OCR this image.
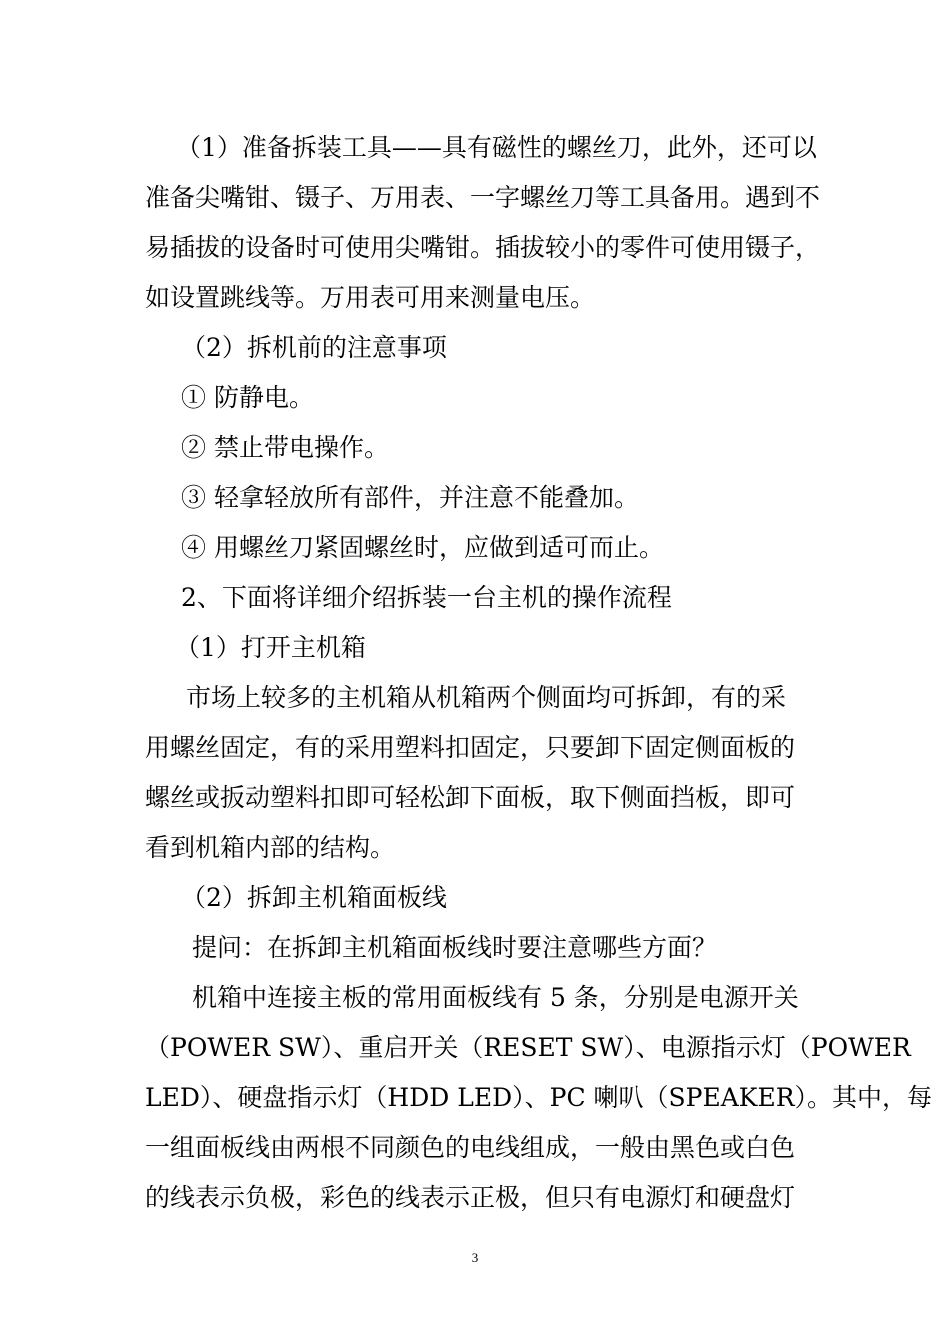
（1）准备拆装工具——具有磁性的螺丝刀，此外，还可以
准备尖嘴钳、镊子、万用表、一字螺丝刀等工具备用。遇到不
易插拔的设备时可使用尖嘴钳。插拔较小的零件可使用镊子，
如设置跳线等。万用表可用来测量电压。
（2）拆机前的注意事项
① 防静电。
② 禁止带电操作。
③ 轻拿轻放所有部件，并注意不能叠加。
④ 用螺丝刀紧固螺丝时，应做到适可而止。
2、下面将详细介绍拆装一台主机的操作流程
（1）打开主机箱
市场上较多的主机箱从机箱两个侧面均可拆卸，有的采
用螺丝固定，有的采用塑料扣固定，只要卸下固定侧面板的
螺丝或扳动塑料扣即可轻松卸下面板，取下侧面挡板，即可
看到机箱内部的结构。
（2）拆卸主机箱面板线
提问：在拆卸主机箱面板线时要注意哪些方面？
机箱中连接主板的常用面板线有 5 条，分别是电源开关
（POWER SW）、重启开关（RESET SW）、电源指示灯（POWER
LED）、硬盘指示灯（HDD LED）、PC 喇叭（SPEAKER）。其中，每
一组面板线由两根不同颜色的电线组成，一般由黑色或白色
的线表示负极，彩色的线表示正极，但只有电源灯和硬盘灯
3
